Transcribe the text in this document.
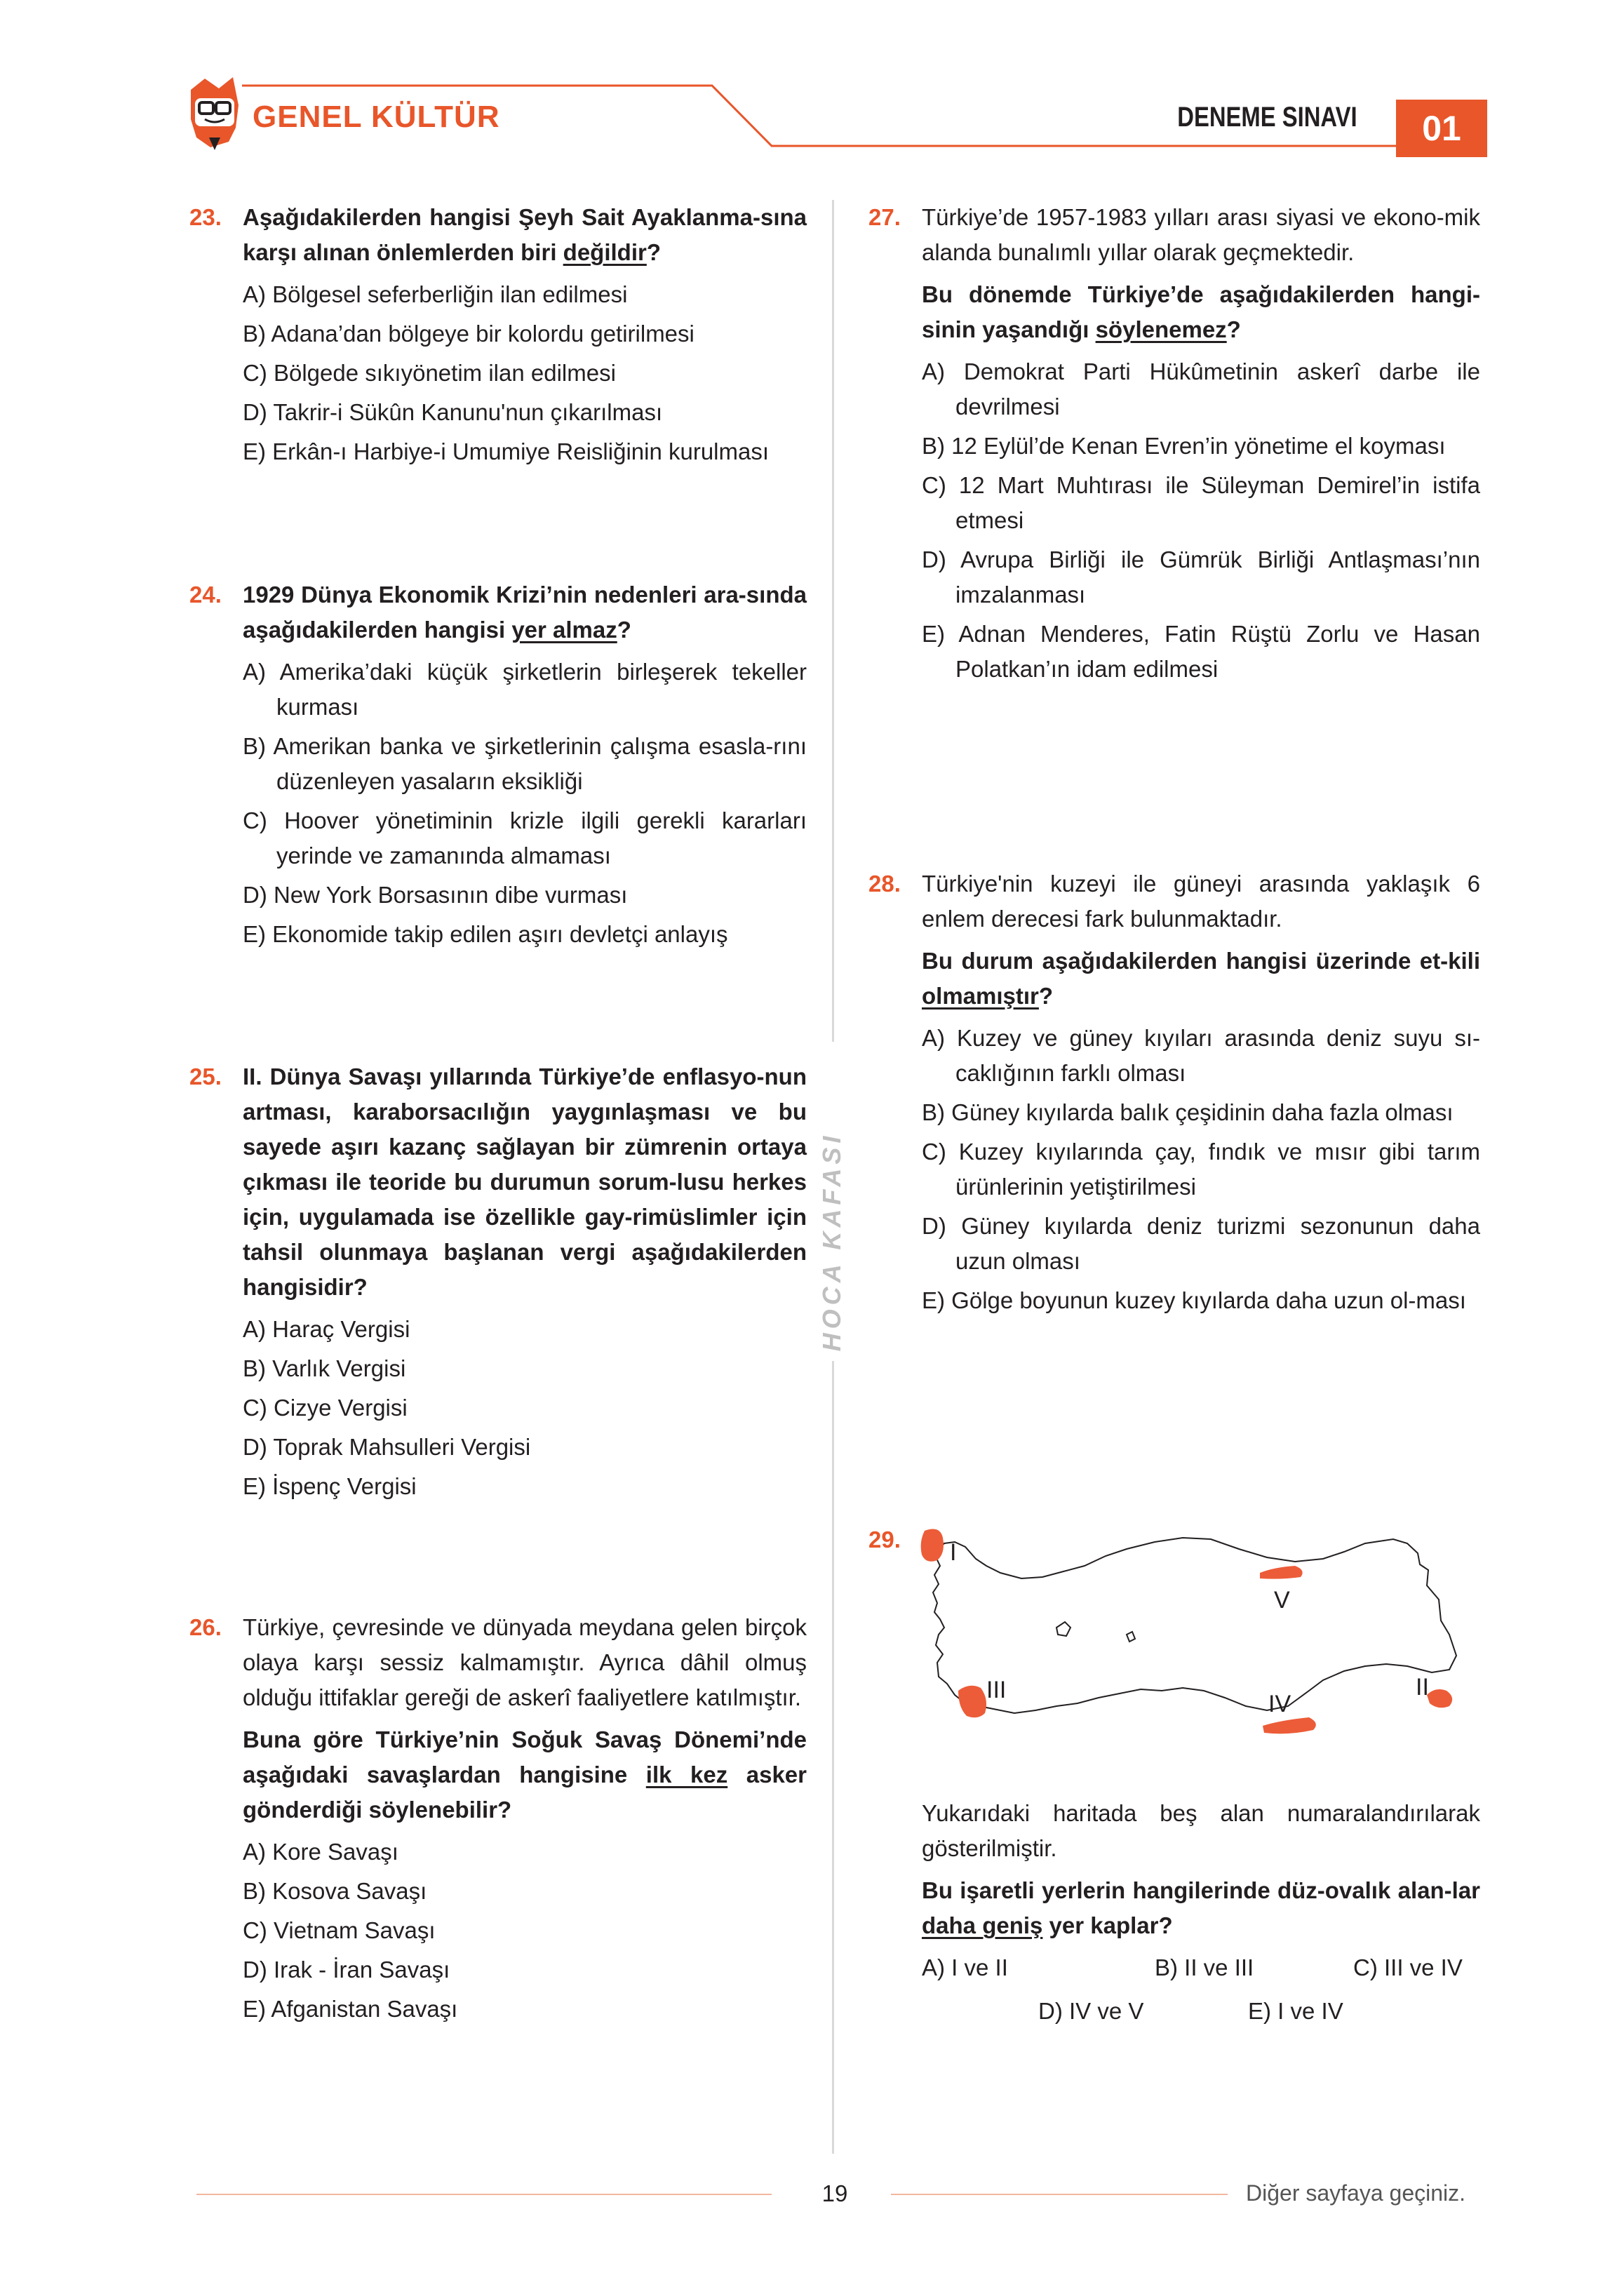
GENEL KÜLTÜR	DENEME SINAVI	01
HOCA KAFASI
23. Aşağıdakilerden hangisi Şeyh Sait Ayaklanma-sına karşı alınan önlemlerden biri değildir?

A) Bölgesel seferberliğin ilan edilmesi

B) Adana’dan bölgeye bir kolordu getirilmesi

C) Bölgede sıkıyönetim ilan edilmesi

D) Takrir-i Sükûn Kanunu'nun çıkarılması

E) Erkân-ı Harbiye-i Umumiye Reisliğinin kurulması

24. 1929 Dünya Ekonomik Krizi’nin nedenleri ara-sında aşağıdakilerden hangisi yer almaz?

A) Amerika’daki küçük şirketlerin birleşerek tekeller kurması

B) Amerikan banka ve şirketlerinin çalışma esasla-rını düzenleyen yasaların eksikliği

C) Hoover yönetiminin krizle ilgili gerekli kararları yerinde ve zamanında almaması

D) New York Borsasının dibe vurması

E) Ekonomide takip edilen aşırı devletçi anlayış

25. II. Dünya Savaşı yıllarında Türkiye’de enflasyo-nun artması, karaborsacılığın yaygınlaşması ve bu sayede aşırı kazanç sağlayan bir zümrenin ortaya çıkması ile teoride bu durumun sorum-lusu herkes için, uygulamada ise özellikle gay-rimüslimler için tahsil olunmaya başlanan vergi aşağıdakilerden hangisidir?

A) Haraç Vergisi

B) Varlık Vergisi

C) Cizye Vergisi

D) Toprak Mahsulleri Vergisi

E) İspenç Vergisi

26. Türkiye, çevresinde ve dünyada meydana gelen birçok olaya karşı sessiz kalmamıştır. Ayrıca dâhil olmuş olduğu ittifaklar gereği de askerî faaliyetlere katılmıştır.

Buna göre Türkiye’nin Soğuk Savaş Dönemi’nde aşağıdaki savaşlardan hangisine ilk kez asker gönderdiği söylenebilir?

A) Kore Savaşı

B) Kosova Savaşı

C) Vietnam Savaşı

D) Irak - İran Savaşı

E) Afganistan Savaşı

27. Türkiye’de 1957-1983 yılları arası siyasi ve ekono-mik alanda bunalımlı yıllar olarak geçmektedir.

Bu dönemde Türkiye’de aşağıdakilerden hangi-sinin yaşandığı söylenemez?

A) Demokrat Parti Hükûmetinin askerî darbe ile devrilmesi

B) 12 Eylül’de Kenan Evren’in yönetime el koyması

C) 12 Mart Muhtırası ile Süleyman Demirel’in istifa etmesi

D) Avrupa Birliği ile Gümrük Birliği Antlaşması’nın imzalanması

E) Adnan Menderes, Fatin Rüştü Zorlu ve Hasan Polatkan’ın idam edilmesi

28. Türkiye'nin kuzeyi ile güneyi arasında yaklaşık 6 enlem derecesi fark bulunmaktadır.

Bu durum aşağıdakilerden hangisi üzerinde et-kili olmamıştır?

A) Kuzey ve güney kıyıları arasında deniz suyu sı-caklığının farklı olması

B) Güney kıyılarda balık çeşidinin daha fazla olması

C) Kuzey kıyılarında çay, fındık ve mısır gibi tarım ürünlerinin yetiştirilmesi

D) Güney kıyılarda deniz turizmi sezonunun daha uzun olması

E) Gölge boyunun kuzey kıyılarda daha uzun ol-ması

29. I
V
III
IV
II

Yukarıdaki haritada beş alan numaralandırılarak gösterilmiştir.

Bu işaretli yerlerin hangilerinde düz-ovalık alan-lar daha geniş yer kaplar?

A) I ve II	B) II ve III	C) III ve IV
D) IV ve V	E) I ve IV
19	Diğer sayfaya geçiniz.
